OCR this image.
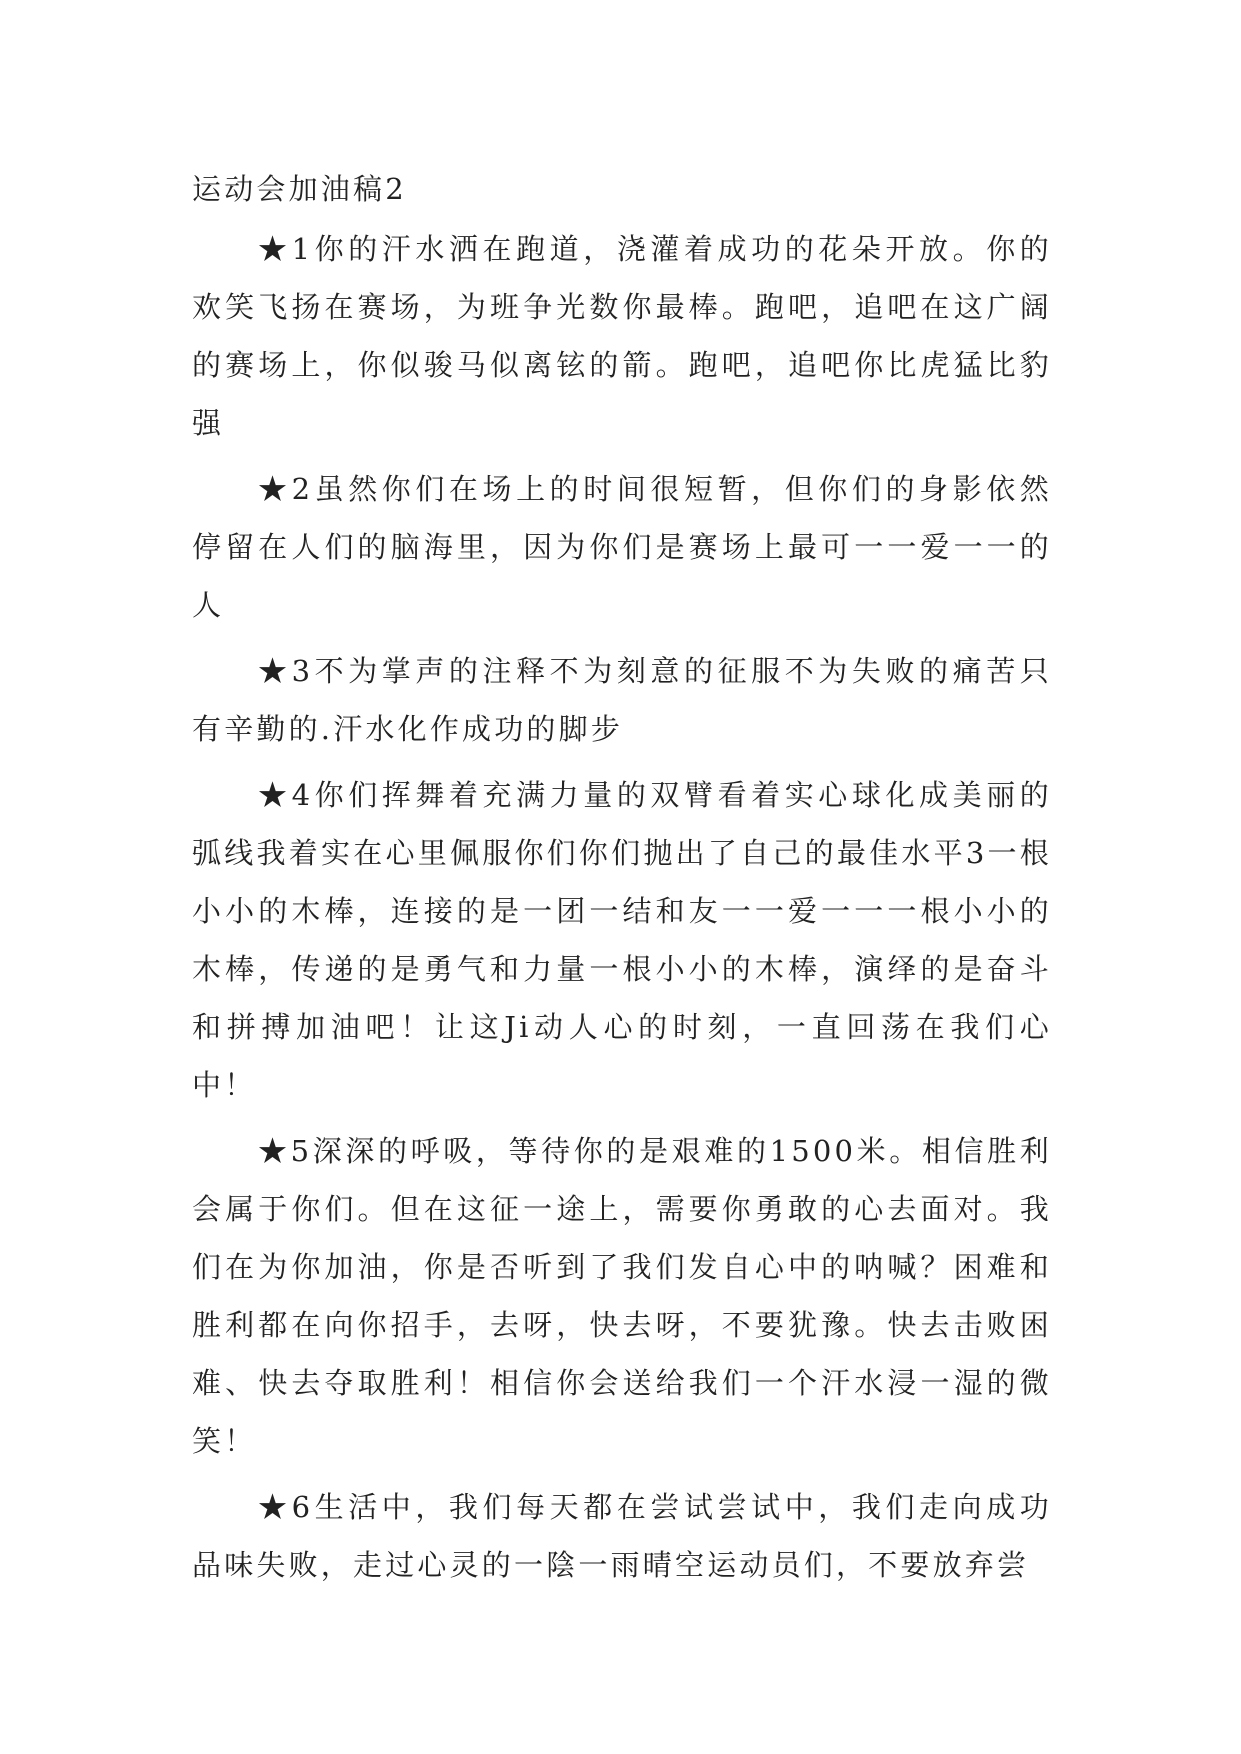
运动会加油稿2

★1你的汗水洒在跑道，浇灌着成功的花朵开放。你的欢笑飞扬在赛场，为班争光数你最棒。跑吧，追吧在这广阔的赛场上，你似骏马似离铉的箭。跑吧，追吧你比虎猛比豹强

★2虽然你们在场上的时间很短暂，但你们的身影依然停留在人们的脑海里，因为你们是赛场上最可一一爱一一的人

★3不为掌声的注释不为刻意的征服不为失败的痛苦只有辛勤的.汗水化作成功的脚步

★4你们挥舞着充满力量的双臂看着实心球化成美丽的弧线我着实在心里佩服你们你们抛出了自己的最佳水平3一根小小的木棒，连接的是一团一结和友一一爱一一一根小小的木棒，传递的是勇气和力量一根小小的木棒，演绎的是奋斗和拼搏加油吧！让这Ji动人心的时刻，一直回荡在我们心中！

★5深深的呼吸，等待你的是艰难的1500米。相信胜利会属于你们。但在这征一途上，需要你勇敢的心去面对。我们在为你加油，你是否听到了我们发自心中的呐喊？困难和胜利都在向你招手，去呀，快去呀，不要犹豫。快去击败困难、快去夺取胜利！相信你会送给我们一个汗水浸一湿的微笑！

★6生活中，我们每天都在尝试尝试中，我们走向成功品味失败，走过心灵的一陰一雨晴空运动员们，不要放弃尝
